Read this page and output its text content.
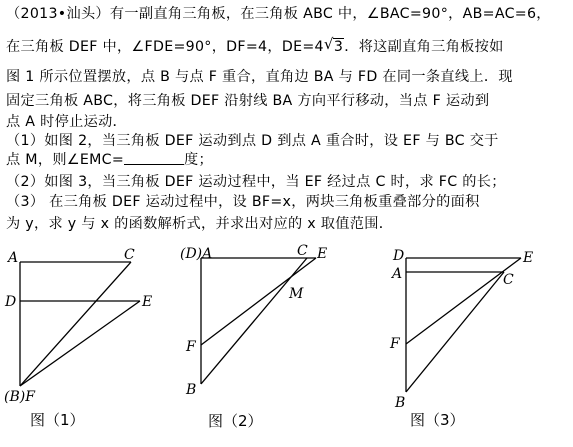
（2013•汕头）有一副直角三角板，在三角板 ABC 中，∠BAC=90°，AB=AC=6，
在三角板 DEF 中，∠FDE=90°，DF=4，DE=4 √ 3．将这副直角三角板按如
图 1 所示位置摆放，点 B 与点 F 重合，直角边 BA 与 FD 在同一条直线上．现
固定三角板 ABC，将三角板 DEF 沿射线 BA 方向平行移动，当点 F 运动到
点 A 时停止运动．
（1）如图 2，当三角板 DEF 运动到点 D 到点 A 重合时，设 EF 与 BC 交于
点 M，则∠EMC=	度；
（2）如图 3，当三角板 DEF 运动过程中，当 EF 经过点 C 时，求 FC 的长；
（3） 在三角板 DEF 运动过程中，设 BF=x，两块三角板重叠部分的面积
为 y，求 y 与 x 的函数解析式，并求出对应的 x 取值范围．
A	C
D	E
(B)F
图（1）
(D)A	C E
M
F
B
图（2）
D	E
A	C
F
B
图（3）
